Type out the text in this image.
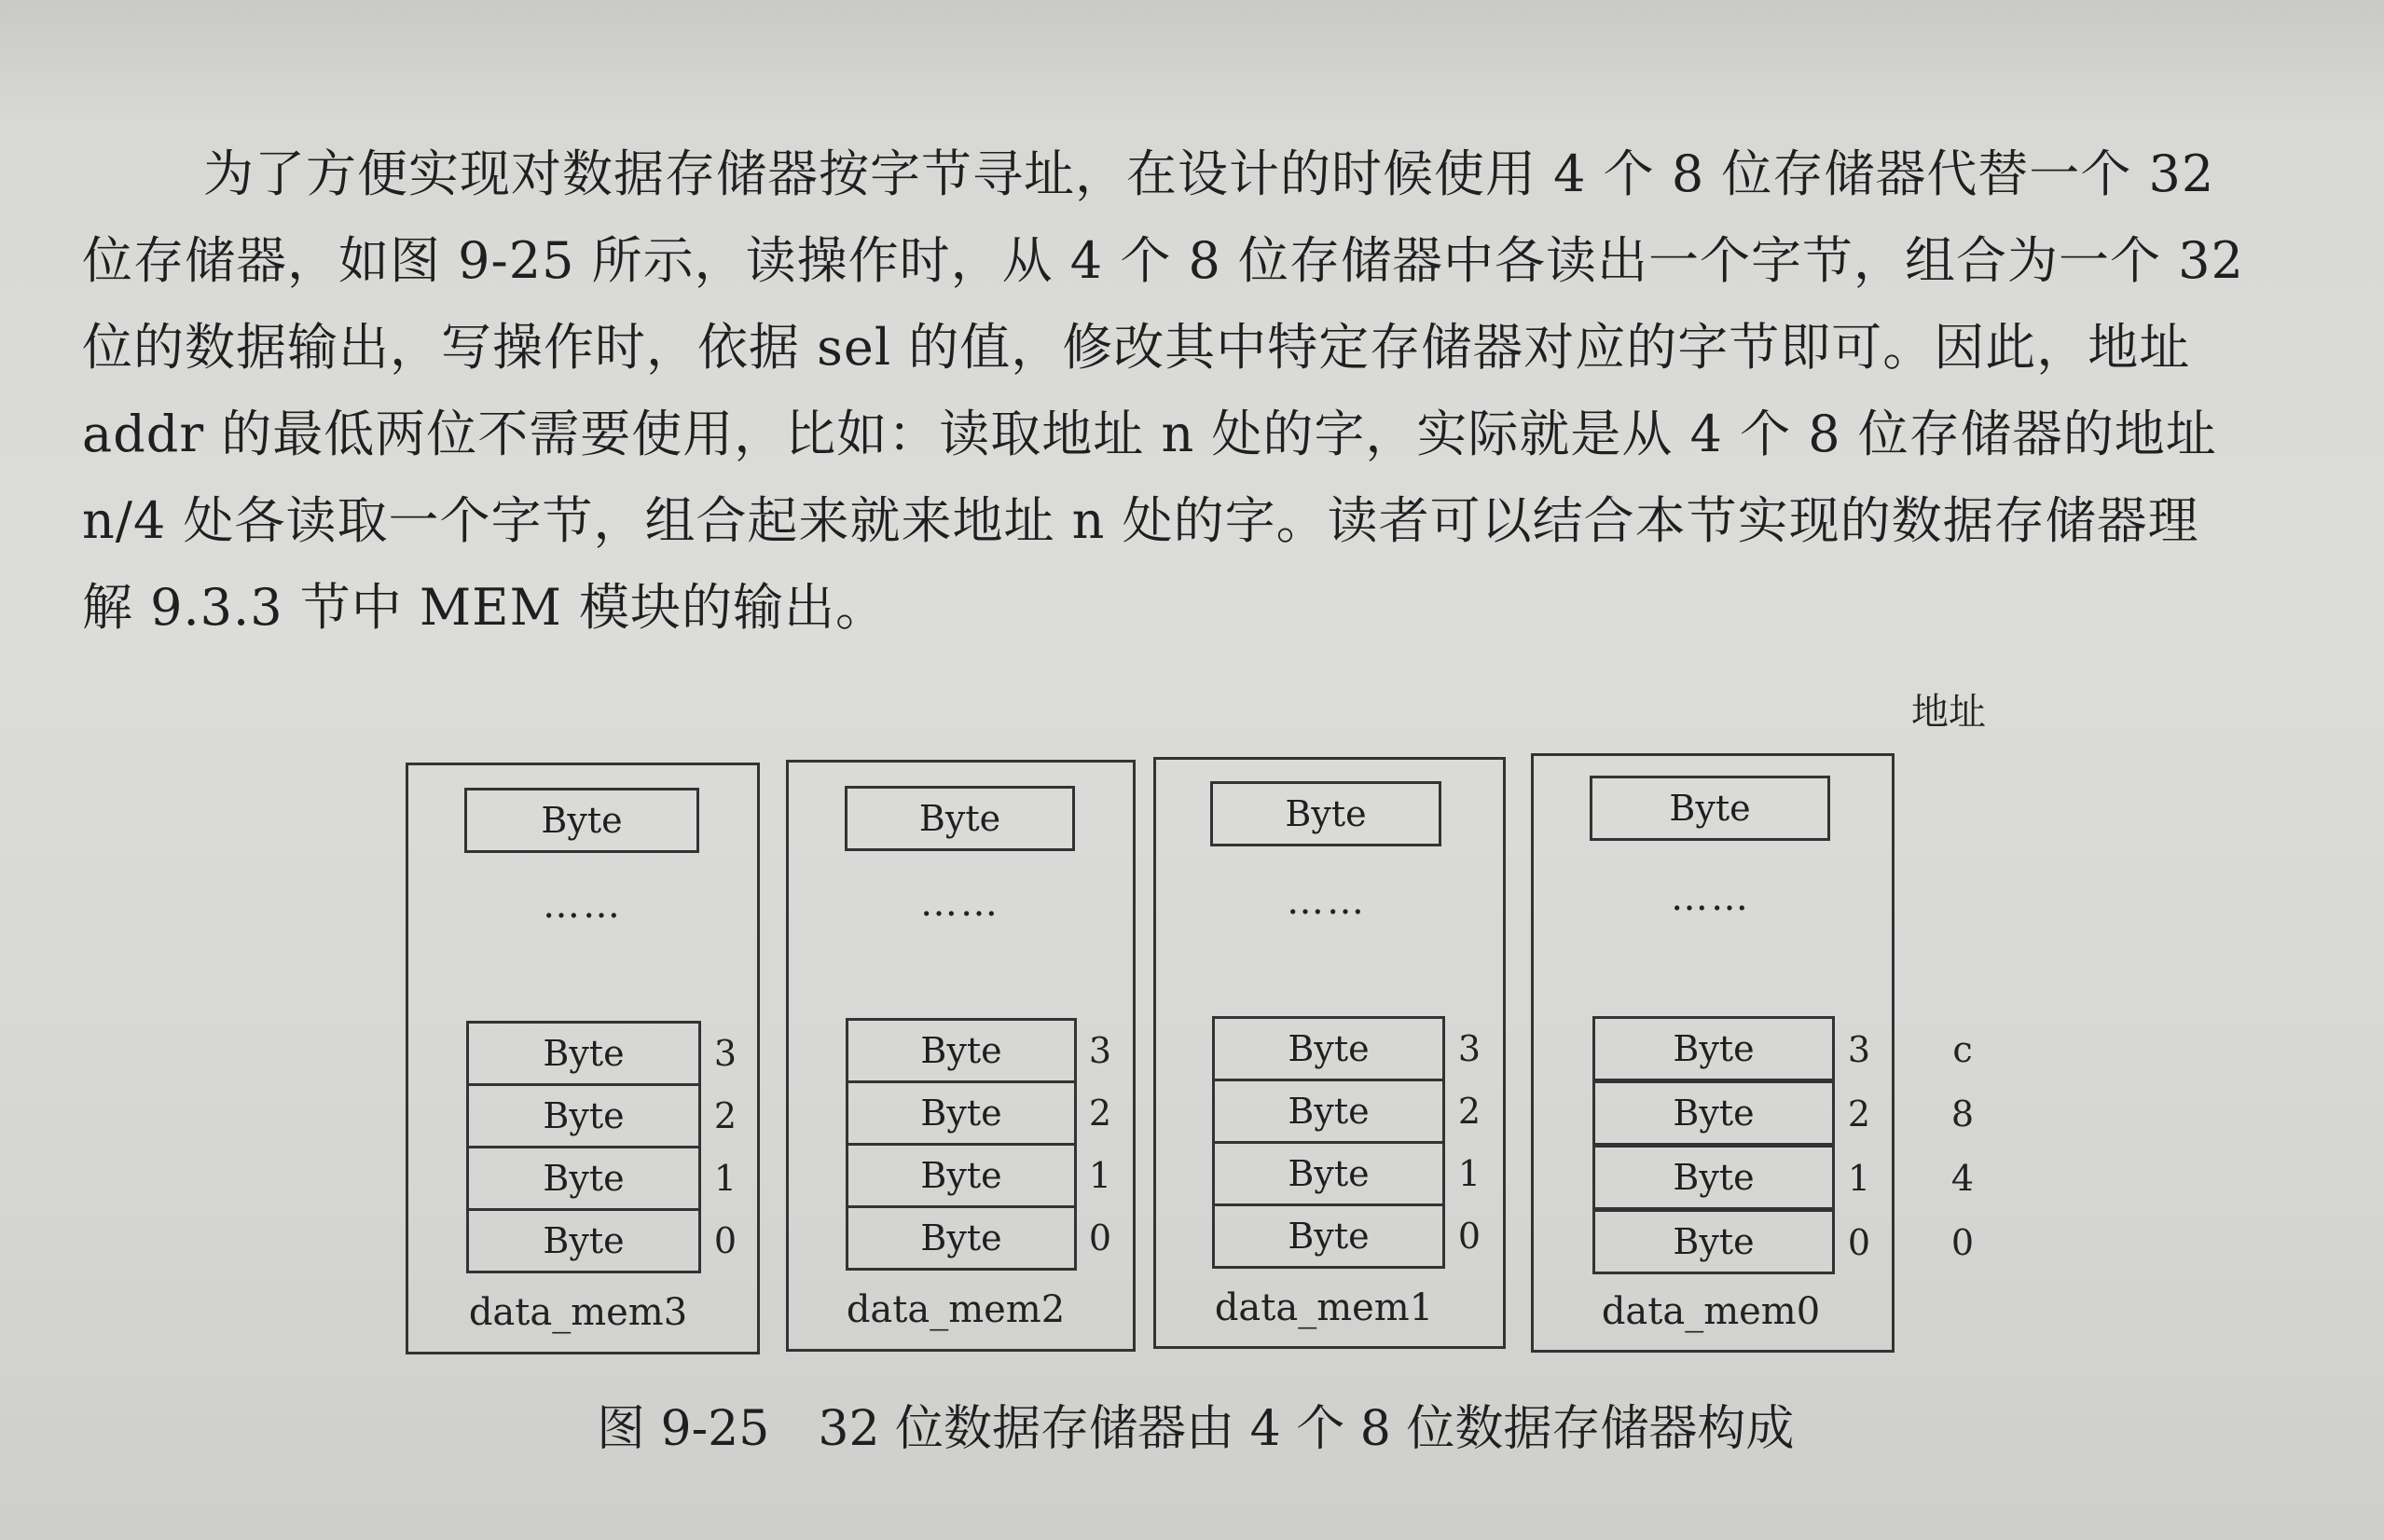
为了方便实现对数据存储器按字节寻址，在设计的时候使用 4 个 8 位存储器代替一个 32
位存储器，如图 9-25 所示，读操作时，从 4 个 8 位存储器中各读出一个字节，组合为一个 32
位的数据输出，写操作时，依据 sel 的值，修改其中特定存储器对应的字节即可。因此，地址
addr 的最低两位不需要使用，比如：读取地址 n 处的字，实际就是从 4 个 8 位存储器的地址
n/4 处各读取一个字节，组合起来就来地址 n 处的字。读者可以结合本节实现的数据存储器理
解 9.3.3 节中 MEM 模块的输出。
地址
Byte
……
Byte
Byte
Byte
Byte
3
2
1
0
data_mem3
Byte
……
Byte
Byte
Byte
Byte
3
2
1
0
data_mem2
Byte
……
Byte
Byte
Byte
Byte
3
2
1
0
data_mem1
Byte
……
Byte
Byte
Byte
Byte
3
2
1
0
data_mem0
c
8
4
0
图 9-25 32 位数据存储器由 4 个 8 位数据存储器构成
